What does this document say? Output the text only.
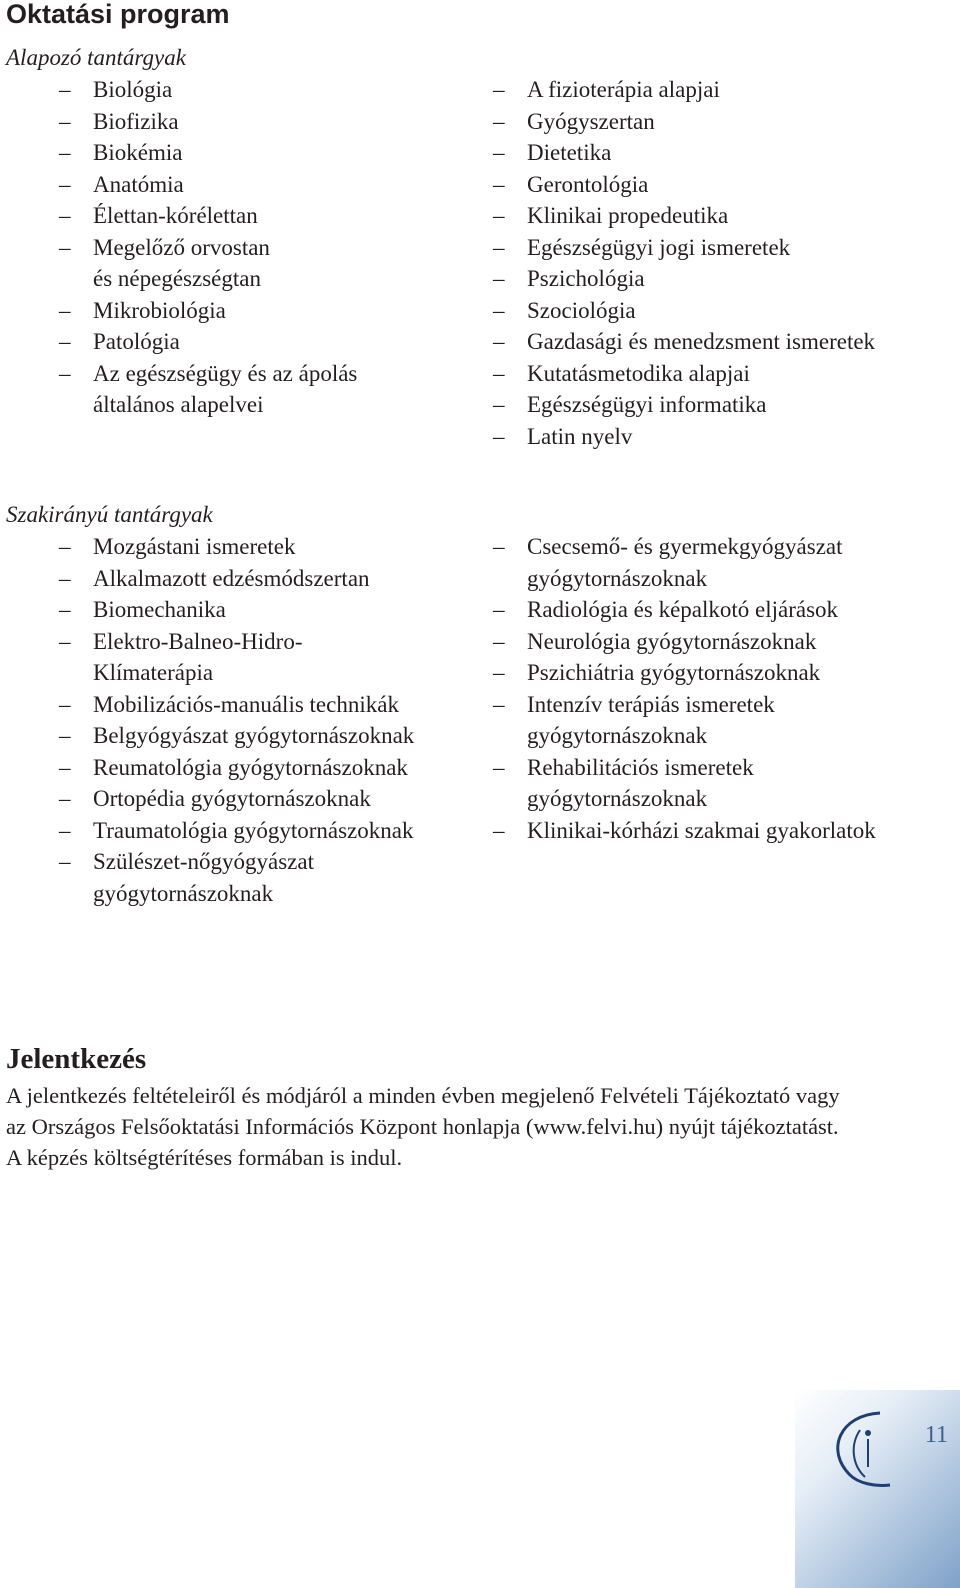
Oktatási program
Alapozó tantárgyak
– Biológia
– Biofizika
– Biokémia
– Anatómia
– Élettan-kórélettan
– Megelőző orvostan
és népegészségtan
– Mikrobiológia
– Patológia
– Az egészségügy és az ápolás
általános alapelvei
– A fizioterápia alapjai
– Gyógyszertan
– Dietetika
– Gerontológia
– Klinikai propedeutika
– Egészségügyi jogi ismeretek
– Pszichológia
– Szociológia
– Gazdasági és menedzsment ismeretek
– Kutatásmetodika alapjai
– Egészségügyi informatika
– Latin nyelv
Szakirányú tantárgyak
– Mozgástani ismeretek
– Alkalmazott edzésmódszertan
– Biomechanika
– Elektro-Balneo-Hidro-
Klímaterápia
– Mobilizációs-manuális technikák
– Belgyógyászat gyógytornászoknak
– Reumatológia gyógytornászoknak
– Ortopédia gyógytornászoknak
– Traumatológia gyógytornászoknak
– Szülészet-nőgyógyászat
gyógytornászoknak
– Csecsemő- és gyermekgyógyászat
gyógytornászoknak
– Radiológia és képalkotó eljárások
– Neurológia gyógytornászoknak
– Pszichiátria gyógytornászoknak
– Intenzív terápiás ismeretek
gyógytornászoknak
– Rehabilitációs ismeretek
gyógytornászoknak
– Klinikai-kórházi szakmai gyakorlatok
Jelentkezés

A jelentkezés feltételeiről és módjáról a minden évben megjelenő Felvételi Tájékoztató vagy
az Országos Felsőoktatási Információs Központ honlapja (www.felvi.hu) nyújt tájékoztatást.
A képzés költségtérítéses formában is indul.

11
